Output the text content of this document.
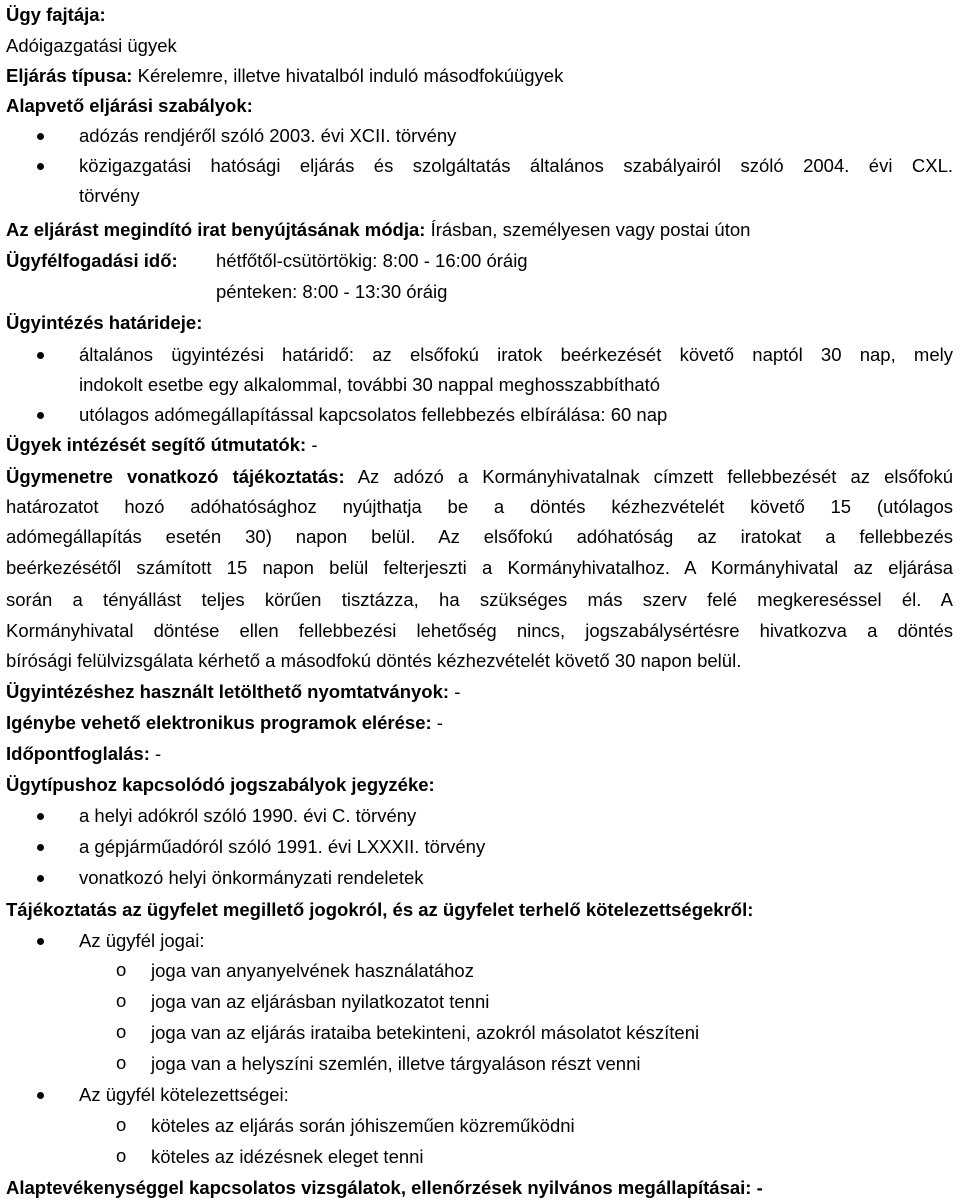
Ügy fajtája:
Adóigazgatási ügyek
Eljárás típusa: Kérelemre, illetve hivatalból induló másodfokúügyek
Alapvető eljárási szabályok:
adózás rendjéről szóló 2003. évi XCII. törvény
közigazgatási hatósági eljárás és szolgáltatás általános szabályairól szóló 2004. évi CXL.
törvény
Az eljárást megindító irat benyújtásának módja: Írásban, személyesen vagy postai úton
Ügyfélfogadási idő: hétfőtől-csütörtökig: 8:00 - 16:00 óráig
pénteken: 8:00 - 13:30 óráig
Ügyintézés határideje:
általános ügyintézési határidő: az elsőfokú iratok beérkezését követő naptól 30 nap, mely
indokolt esetbe egy alkalommal, további 30 nappal meghosszabbítható
utólagos adómegállapítással kapcsolatos fellebbezés elbírálása: 60 nap
Ügyek intézését segítő útmutatók: -
Ügymenetre vonatkozó tájékoztatás: Az adózó a Kormányhivatalnak címzett fellebbezését az elsőfokú
határozatot hozó adóhatósághoz nyújthatja be a döntés kézhezvételét követő 15 (utólagos
adómegállapítás esetén 30) napon belül. Az elsőfokú adóhatóság az iratokat a fellebbezés
beérkezésétől számított 15 napon belül felterjeszti a Kormányhivatalhoz. A Kormányhivatal az eljárása
során a tényállást teljes körűen tisztázza, ha szükséges más szerv felé megkereséssel él. A
Kormányhivatal döntése ellen fellebbezési lehetőség nincs, jogszabálysértésre hivatkozva a döntés
bírósági felülvizsgálata kérhető a másodfokú döntés kézhezvételét követő 30 napon belül.
Ügyintézéshez használt letölthető nyomtatványok: -
Igénybe vehető elektronikus programok elérése: -
Időpontfoglalás: -
Ügytípushoz kapcsolódó jogszabályok jegyzéke:
a helyi adókról szóló 1990. évi C. törvény
a gépjárműadóról szóló 1991. évi LXXXII. törvény
vonatkozó helyi önkormányzati rendeletek
Tájékoztatás az ügyfelet megillető jogokról, és az ügyfelet terhelő kötelezettségekről:
Az ügyfél jogai:
o joga van anyanyelvének használatához
o joga van az eljárásban nyilatkozatot tenni
o joga van az eljárás irataiba betekinteni, azokról másolatot készíteni
o joga van a helyszíni szemlén, illetve tárgyaláson részt venni
Az ügyfél kötelezettségei:
o köteles az eljárás során jóhiszeműen közreműködni
o köteles az idézésnek eleget tenni
Alaptevékenységgel kapcsolatos vizsgálatok, ellenőrzések nyilvános megállapításai: -
